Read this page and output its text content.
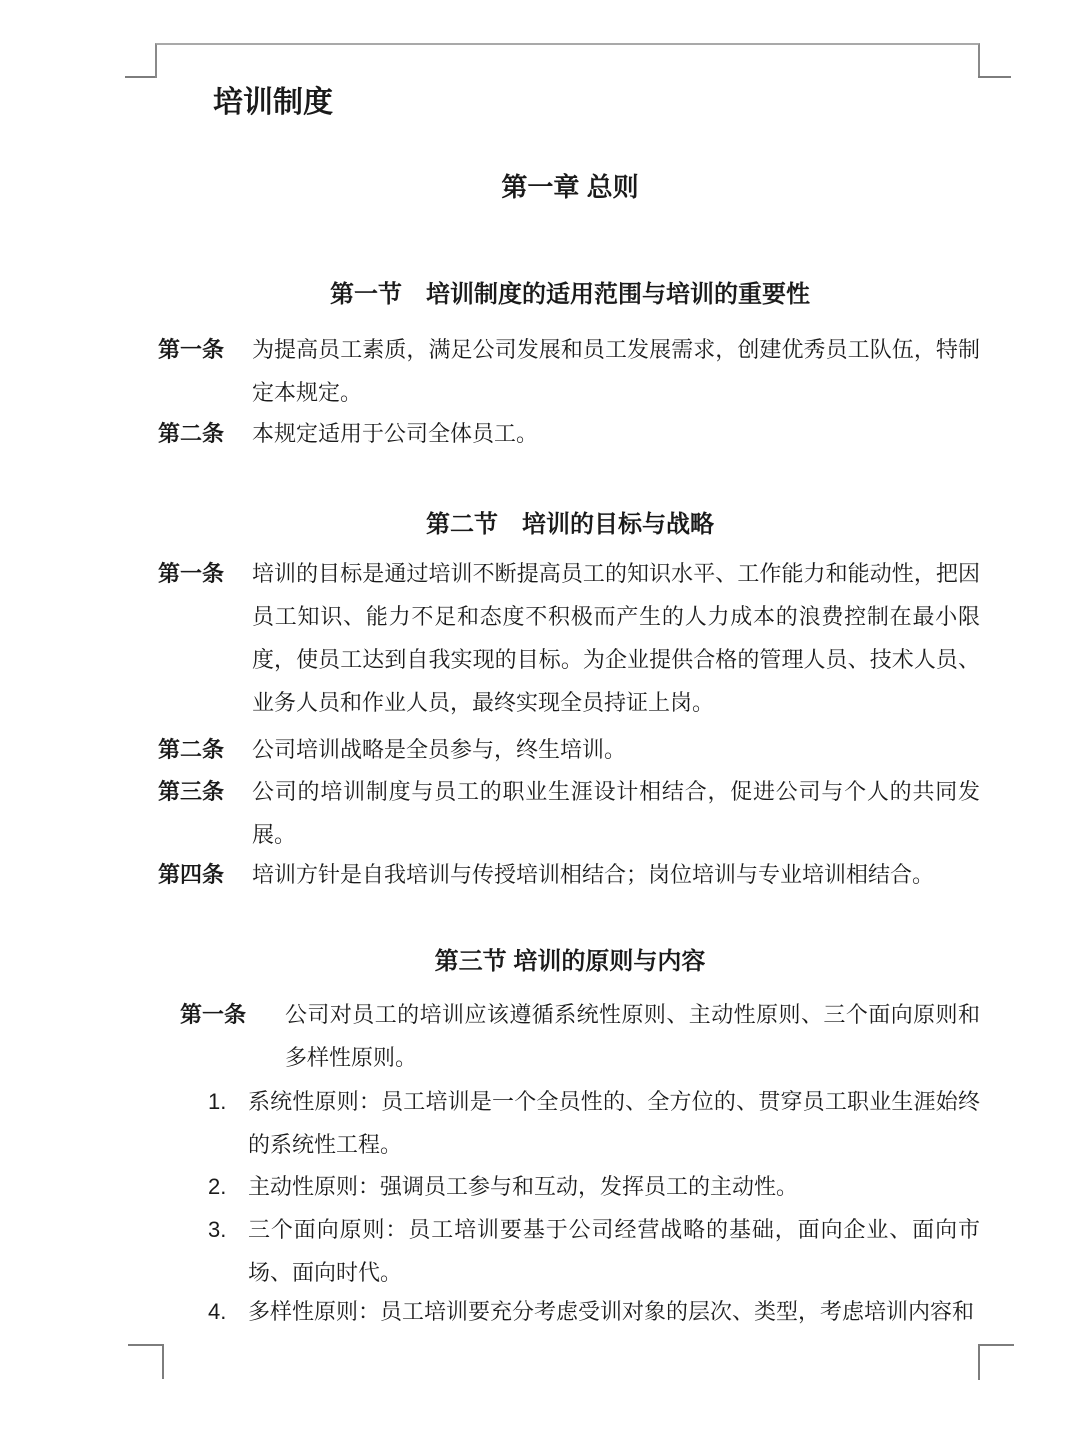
培训制度
第一章 总则
第一节　培训制度的适用范围与培训的重要性
第一条 为提高员工素质，满足公司发展和员工发展需求，创建优秀员工队伍，特制定本规定。
第二条 本规定适用于公司全体员工。
第二节　培训的目标与战略
第一条 培训的目标是通过培训不断提高员工的知识水平、工作能力和能动性，把因员工知识、能力不足和态度不积极而产生的人力成本的浪费控制在最小限度，使员工达到自我实现的目标。为企业提供合格的管理人员、技术人员、业务人员和作业人员，最终实现全员持证上岗。
第二条 公司培训战略是全员参与，终生培训。
第三条 公司的培训制度与员工的职业生涯设计相结合，促进公司与个人的共同发展。
第四条 培训方针是自我培训与传授培训相结合；岗位培训与专业培训相结合。
第三节 培训的原则与内容
第一条 公司对员工的培训应该遵循系统性原则、主动性原则、三个面向原则和多样性原则。
1. 系统性原则：员工培训是一个全员性的、全方位的、贯穿员工职业生涯始终的系统性工程。
2. 主动性原则：强调员工参与和互动，发挥员工的主动性。
3. 三个面向原则：员工培训要基于公司经营战略的基础，面向企业、面向市场、面向时代。
4. 多样性原则：员工培训要充分考虑受训对象的层次、类型，考虑培训内容和
